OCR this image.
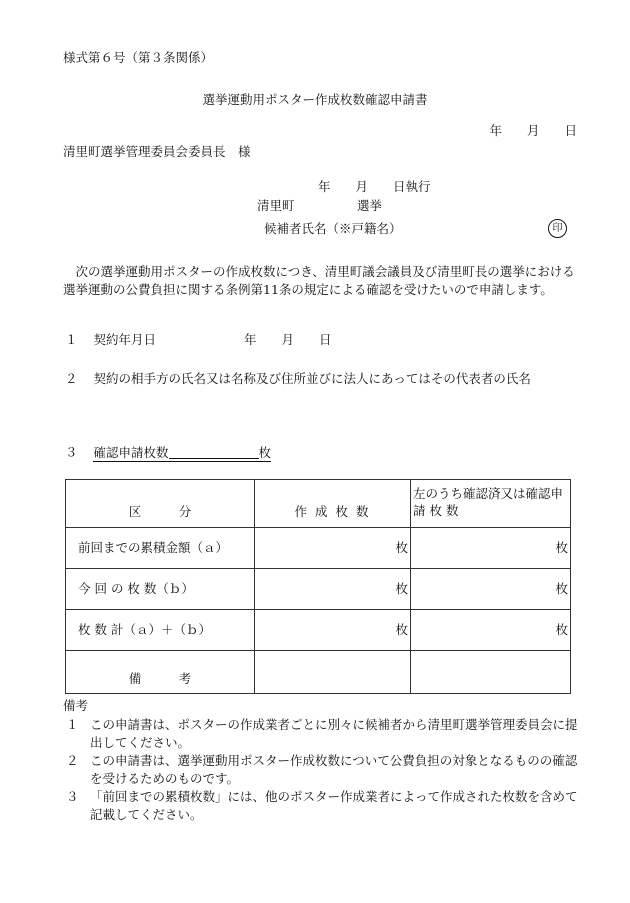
様式第６号（第３条関係）
選挙運動用ポスター作成枚数確認申請書
年　　月　　日
清里町選挙管理委員会委員長　様
年　　月　　日執行
清里町　　　　　選挙
候補者氏名（※戸籍名）	印
　次の選挙運動用ポスターの作成枚数につき、清里町議会議員及び清里町長の選挙における選挙運動の公費負担に関する条例第11条の規定による確認を受けたいので申請します。
１ 契約年月日	年　　月　　日
２ 契約の相手方の氏名又は名称及び住所並びに法人にあってはその代表者の氏名
３ 確認申請枚数	枚
区　　　分	作 成 枚 数	左のうち確認済又は確認申 請 枚 数
前回までの累積金額（ａ）	枚	枚
今 回 の 枚 数（ｂ）	枚	枚
枚 数 計（ａ）＋（ｂ）	枚	枚
備　　　考		
備考
１ この申請書は、ポスターの作成業者ごとに別々に候補者から清里町選挙管理委員会に提出してください。
２ この申請書は、選挙運動用ポスター作成枚数について公費負担の対象となるものの確認を受けるためのものです。
３ 「前回までの累積枚数」には、他のポスター作成業者によって作成された枚数を含めて記載してください。
